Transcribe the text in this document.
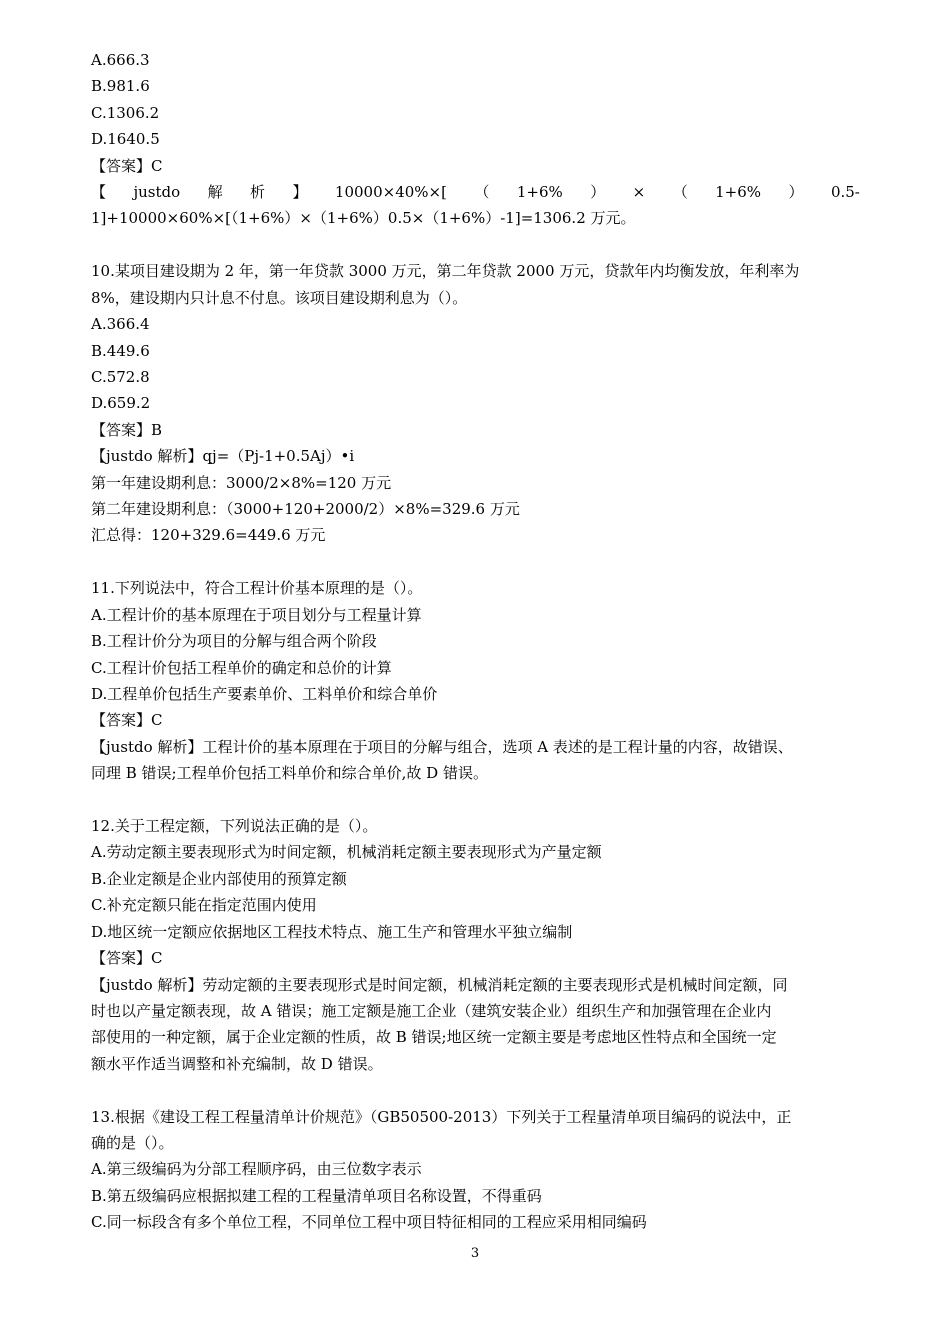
A.666.3
B.981.6
C.1306.2
D.1640.5
【答案】C
【 justdo 解 析 】 10000×40%×[ （ 1+6% ） × （ 1+6% ） 0.5-
1]+10000×60%×[（1+6%）×（1+6%）0.5×（1+6%）-1]=1306.2 万元。
10.某项目建设期为 2 年，第一年贷款 3000 万元，第二年贷款 2000 万元，贷款年内均衡发放，年利率为
8%，建设期内只计息不付息。该项目建设期利息为（）。
A.366.4
B.449.6
C.572.8
D.659.2
【答案】B
【justdo 解析】qj=（Pj-1+0.5Aj）•i
第一年建设期利息：3000/2×8%=120 万元
第二年建设期利息：（3000+120+2000/2）×8%=329.6 万元
汇总得：120+329.6=449.6 万元
11.下列说法中，符合工程计价基本原理的是（）。
A.工程计价的基本原理在于项目划分与工程量计算
B.工程计价分为项目的分解与组合两个阶段
C.工程计价包括工程单价的确定和总价的计算
D.工程单价包括生产要素单价、工料单价和综合单价
【答案】C
【justdo 解析】工程计价的基本原理在于项目的分解与组合，选项 A 表述的是工程计量的内容，故错误、
同理 B 错误;工程单价包括工料单价和综合单价,故 D 错误。
12.关于工程定额，下列说法正确的是（）。
A.劳动定额主要表现形式为时间定额，机械消耗定额主要表现形式为产量定额
B.企业定额是企业内部使用的预算定额
C.补充定额只能在指定范围内使用
D.地区统一定额应依据地区工程技术特点、施工生产和管理水平独立编制
【答案】C
【justdo 解析】劳动定额的主要表现形式是时间定额，机械消耗定额的主要表现形式是机械时间定额，同
时也以产量定额表现，故 A 错误；施工定额是施工企业（建筑安装企业）组织生产和加强管理在企业内
部使用的一种定额，属于企业定额的性质，故 B 错误;地区统一定额主要是考虑地区性特点和全国统一定
额水平作适当调整和补充编制，故 D 错误。
13.根据《建设工程工程量清单计价规范》（GB50500-2013）下列关于工程量清单项目编码的说法中，正
确的是（）。
A.第三级编码为分部工程顺序码，由三位数字表示
B.第五级编码应根据拟建工程的工程量清单项目名称设置，不得重码
C.同一标段含有多个单位工程，不同单位工程中项目特征相同的工程应采用相同编码
3
